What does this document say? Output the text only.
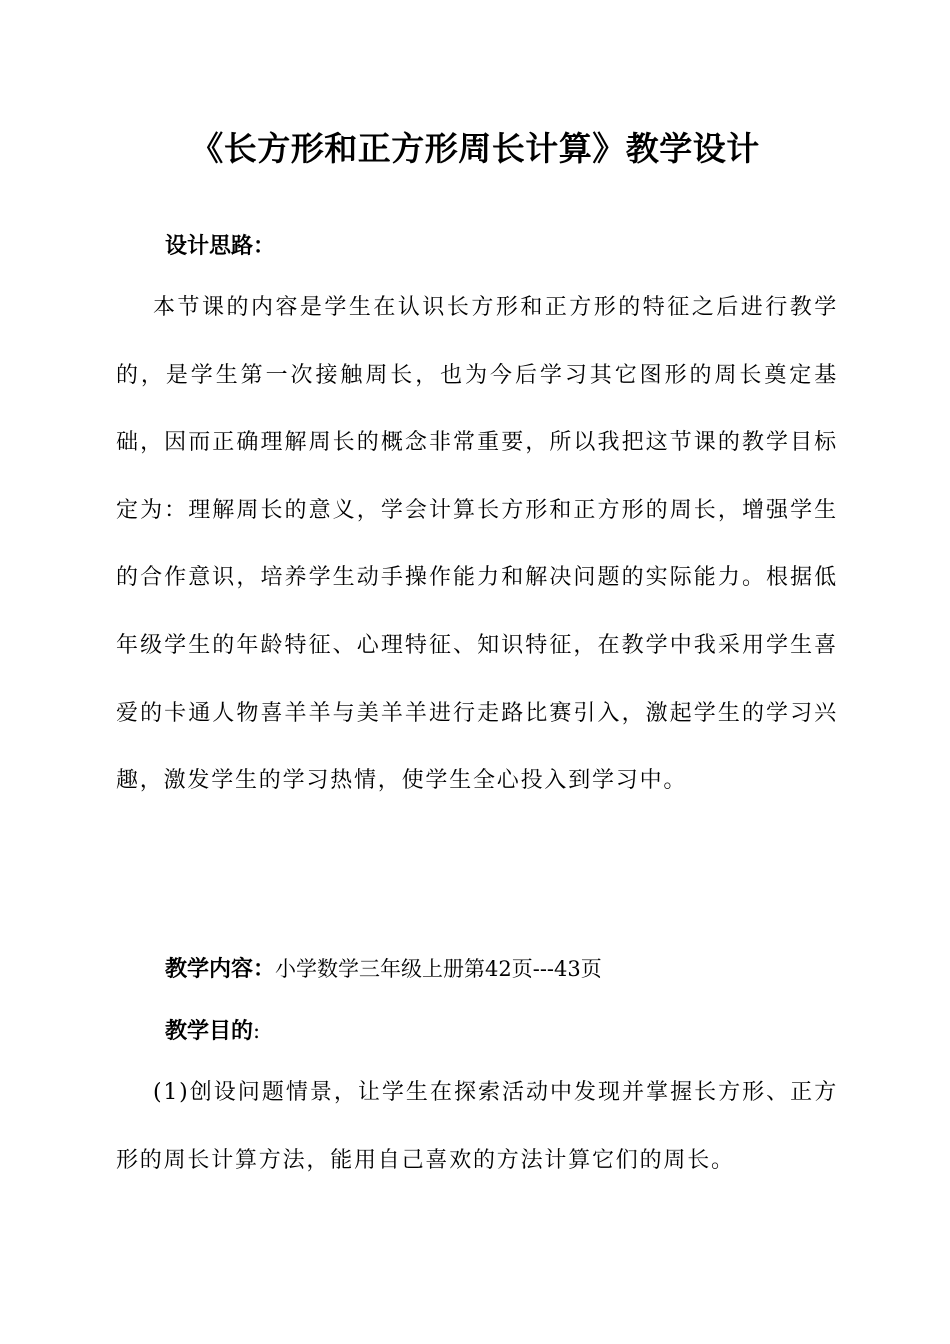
《长方形和正方形周长计算》教学设计
设计思路：

本节课的内容是学生在认识长方形和正方形的特征之后进行教学的，是学生第一次接触周长，也为今后学习其它图形的周长奠定基础，因而正确理解周长的概念非常重要，所以我把这节课的教学目标定为：理解周长的意义，学会计算长方形和正方形的周长，增强学生的合作意识，培养学生动手操作能力和解决问题的实际能力。根据低年级学生的年龄特征、心理特征、知识特征，在教学中我采用学生喜爱的卡通人物喜羊羊与美羊羊进行走路比赛引入，激起学生的学习兴趣，激发学生的学习热情，使学生全心投入到学习中。

教学内容：小学数学三年级上册第42页---43页
教学目的:

(1)创设问题情景，让学生在探索活动中发现并掌握长方形、正方形的周长计算方法，能用自己喜欢的方法计算它们的周长。
